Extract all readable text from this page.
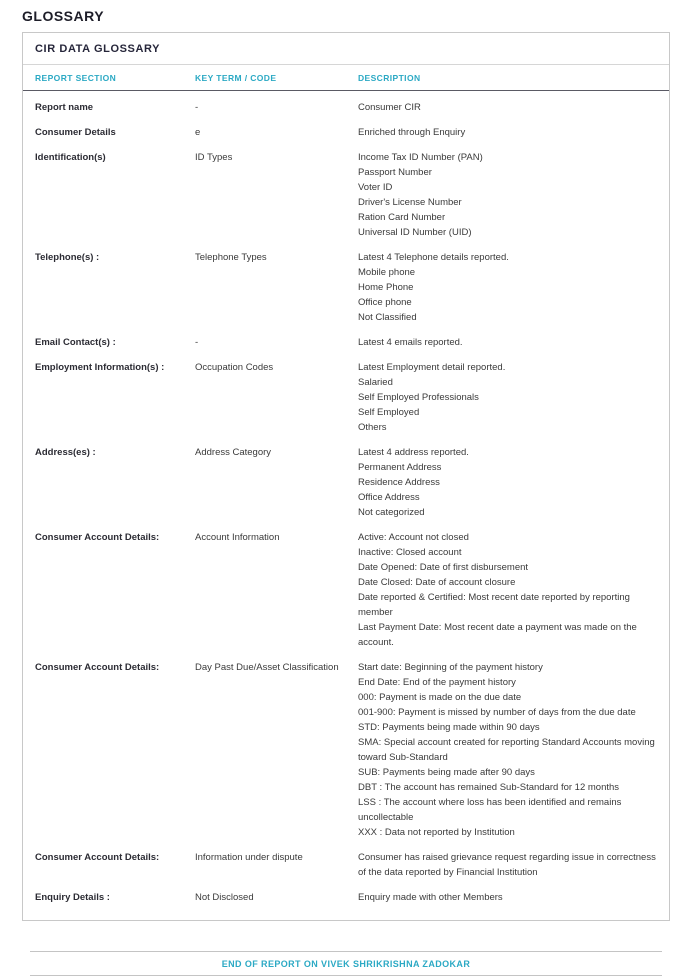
GLOSSARY
CIR DATA GLOSSARY
REPORT SECTION	KEY TERM / CODE	DESCRIPTION
Report name	-	Consumer CIR
Consumer Details	e	Enriched through Enquiry
Identification(s)	ID Types	Income Tax ID Number (PAN)
Passport Number
Voter ID
Driver's License Number
Ration Card Number
Universal ID Number (UID)
Telephone(s) :	Telephone Types	Latest 4 Telephone details reported.
Mobile phone
Home Phone
Office phone
Not Classified
Email Contact(s) :	-	Latest 4 emails reported.
Employment Information(s) :	Occupation Codes	Latest Employment detail reported.
Salaried
Self Employed Professionals
Self Employed
Others
Address(es) :	Address Category	Latest 4 address reported.
Permanent Address
Residence Address
Office Address
Not categorized
Consumer Account Details:	Account Information	Active: Account not closed
Inactive: Closed account
Date Opened: Date of first disbursement
Date Closed: Date of account closure
Date reported & Certified: Most recent date reported by reporting member
Last Payment Date: Most recent date a payment was made on the account.
Consumer Account Details:	Day Past Due/Asset Classification	Start date: Beginning of the payment history
End Date: End of the payment history
000: Payment is made on the due date
001-900: Payment is missed by number of days from the due date
STD: Payments being made within 90 days
SMA: Special account created for reporting Standard Accounts moving toward Sub-Standard
SUB: Payments being made after 90 days
DBT : The account has remained Sub-Standard for 12 months
LSS : The account where loss has been identified and remains uncollectable
XXX : Data not reported by Institution
Consumer Account Details:	Information under dispute	Consumer has raised grievance request regarding issue in correctness of the data reported by Financial Institution
Enquiry Details :	Not Disclosed	Enquiry made with other Members
END OF REPORT ON VIVEK SHRIKRISHNA ZADOKAR
